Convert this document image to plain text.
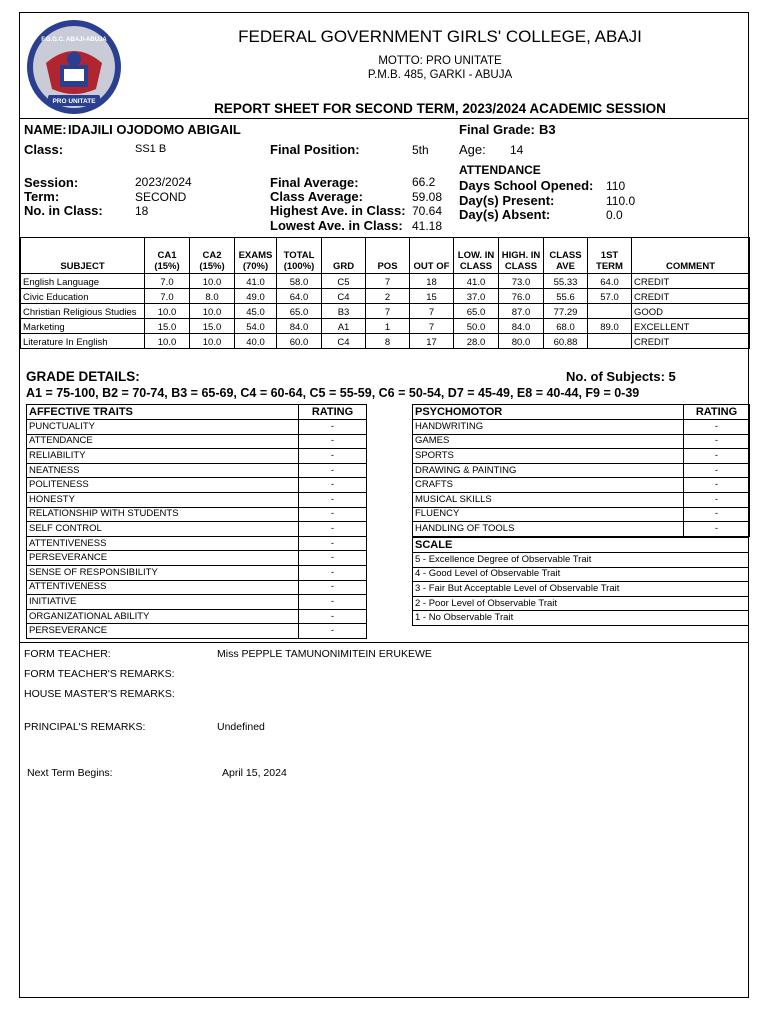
F.G.G.C. ABAJI-ABUJA
PRO UNITATE
FEDERAL GOVERNMENT GIRLS' COLLEGE, ABAJI
MOTTO: PRO UNITATE
P.M.B. 485, GARKI - ABUJA
REPORT SHEET FOR SECOND TERM, 2023/2024 ACADEMIC SESSION
NAME: IDAJILI OJODOMO ABIGAIL
Class:	SS1 B	Final Position:	5th
Final Grade: B3
Age: 14
Session:	2023/2024
Term:	SECOND
No. in Class:	18
Final Average:	66.2
Class Average:	59.08
Highest Ave. in Class: 70.64
Lowest Ave. in Class: 41.18
ATTENDANCE
Days School Opened: 110
Day(s) Present:	110.0
Day(s) Absent:	0.0
SUBJECT	CA1 (15%)	CA2 (15%)	EXAMS (70%)	TOTAL (100%)	GRD	POS	OUT OF	LOW. IN CLASS	HIGH. IN CLASS	CLASS AVE	1ST TERM	COMMENT
English Language	7.0	10.0	41.0	58.0	C5	7	18	41.0	73.0	55.33	64.0	CREDIT
Civic Education	7.0	8.0	49.0	64.0	C4	2	15	37.0	76.0	55.6	57.0	CREDIT
Christian Religious Studies	10.0	10.0	45.0	65.0	B3	7	7	65.0	87.0	77.29		GOOD
Marketing	15.0	15.0	54.0	84.0	A1	1	7	50.0	84.0	68.0	89.0	EXCELLENT
Literature In English	10.0	10.0	40.0	60.0	C4	8	17	28.0	80.0	60.88		CREDIT
GRADE DETAILS:	No. of Subjects: 5
A1 = 75-100, B2 = 70-74, B3 = 65-69, C4 = 60-64, C5 = 55-59, C6 = 50-54, D7 = 45-49, E8 = 40-44, F9 = 0-39
AFFECTIVE TRAITS	RATING
PUNCTUALITY	-
ATTENDANCE	-
RELIABILITY	-
NEATNESS	-
POLITENESS	-
HONESTY	-
RELATIONSHIP WITH STUDENTS	-
SELF CONTROL	-
ATTENTIVENESS	-
PERSEVERANCE	-
SENSE OF RESPONSIBILITY	-
ATTENTIVENESS	-
INITIATIVE	-
ORGANIZATIONAL ABILITY	-
PERSEVERANCE	-
PSYCHOMOTOR	RATING
HANDWRITING	-
GAMES	-
SPORTS	-
DRAWING & PAINTING	-
CRAFTS	-
MUSICAL SKILLS	-
FLUENCY	-
HANDLING OF TOOLS	-
SCALE
5 - Excellence Degree of Observable Trait
4 - Good Level of Observable Trait
3 - Fair But Acceptable Level of Observable Trait
2 - Poor Level of Observable Trait
1 - No Observable Trait
FORM TEACHER:	Miss PEPPLE TAMUNONIMITEIN ERUKEWE
FORM TEACHER'S REMARKS:
HOUSE MASTER'S REMARKS:
PRINCIPAL'S REMARKS:	Undefined
Next Term Begins:	April 15, 2024
